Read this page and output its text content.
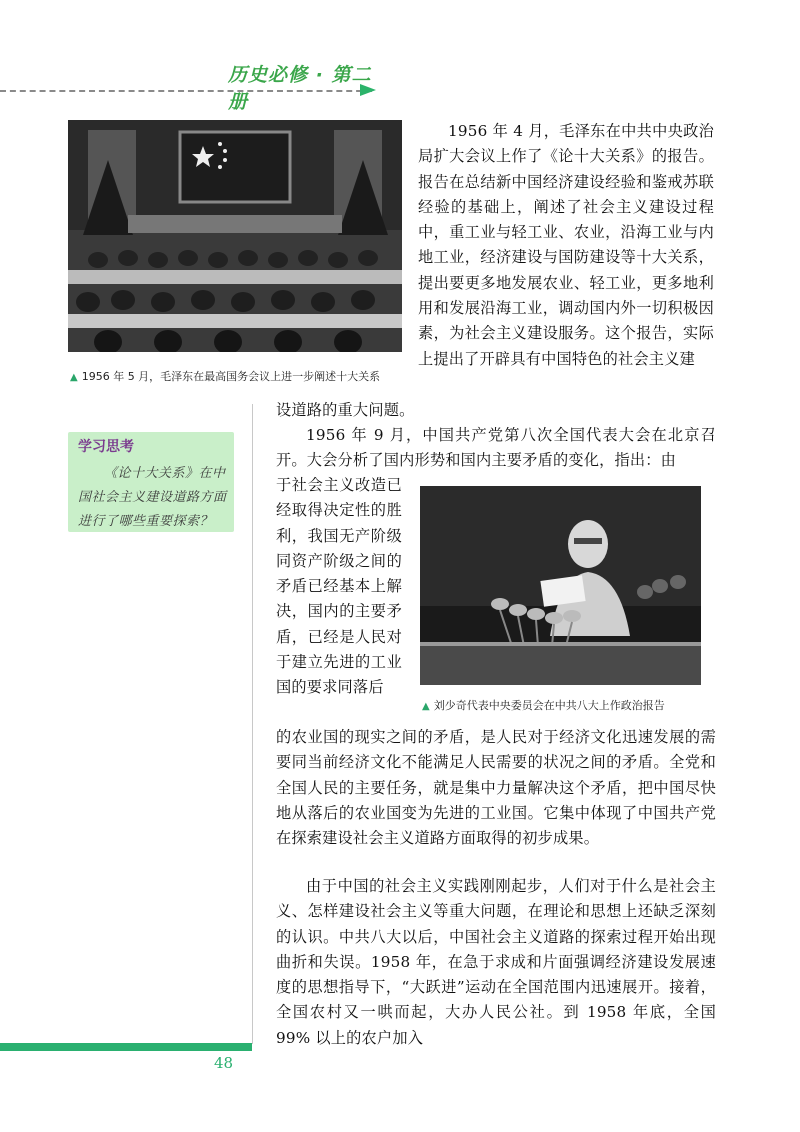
历史必修 · 第二册
▲ 1956 年 5 月，毛泽东在最高国务会议上进一步阐述十大关系
学习思考
《论十大关系》在中国社会主义建设道路方面进行了哪些重要探索？
1956 年 4 月，毛泽东在中共中央政治局扩大会议上作了《论十大关系》的报告。报告在总结新中国经济建设经验和鉴戒苏联经验的基础上，阐述了社会主义建设过程中，重工业与轻工业、农业，沿海工业与内地工业，经济建设与国防建设等十大关系，提出要更多地发展农业、轻工业，更多地利用和发展沿海工业，调动国内外一切积极因素，为社会主义建设服务。这个报告，实际上提出了开辟具有中国特色的社会主义建
设道路的重大问题。
1956 年 9 月，中国共产党第八次全国代表大会在北京召开。大会分析了国内形势和国内主要矛盾的变化，指出：由
于社会主义改造已经取得决定性的胜利，我国无产阶级同资产阶级之间的矛盾已经基本上解决，国内的主要矛盾，已经是人民对于建立先进的工业国的要求同落后
的农业国的现实之间的矛盾，是人民对于经济文化迅速发展的需要同当前经济文化不能满足人民需要的状况之间的矛盾。全党和全国人民的主要任务，就是集中力量解决这个矛盾，把中国尽快地从落后的农业国变为先进的工业国。它集中体现了中国共产党在探索建设社会主义道路方面取得的初步成果。
由于中国的社会主义实践刚刚起步，人们对于什么是社会主义、怎样建设社会主义等重大问题，在理论和思想上还缺乏深刻的认识。中共八大以后，中国社会主义道路的探索过程开始出现曲折和失误。1958 年，在急于求成和片面强调经济建设发展速度的思想指导下，“大跃进”运动在全国范围内迅速展开。接着，全国农村又一哄而起，大办人民公社。到 1958 年底，全国 99% 以上的农户加入
▲ 刘少奇代表中央委员会在中共八大上作政治报告
48
